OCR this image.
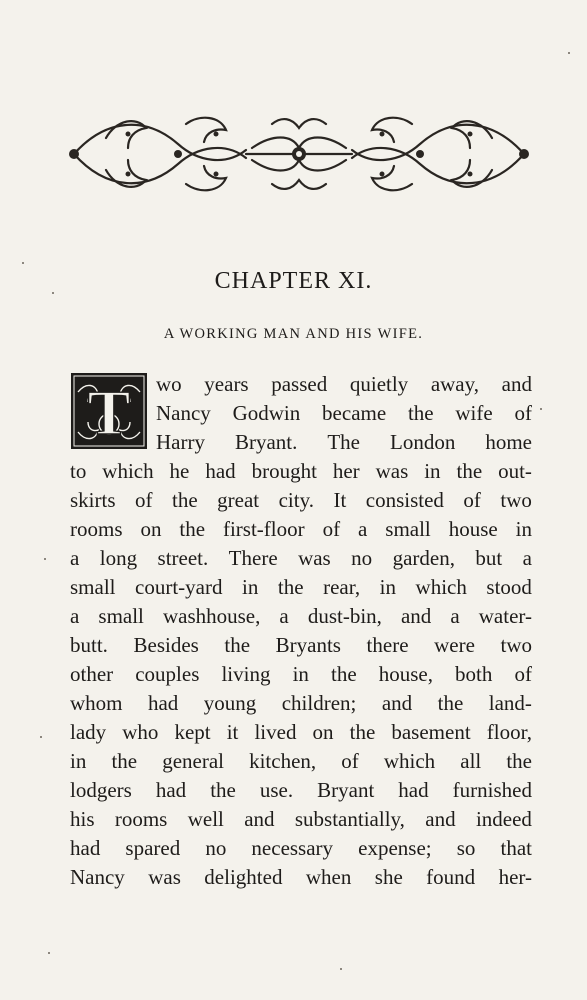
CHAPTER XI.
A WORKING MAN AND HIS WIFE.
T wo years passed quietly away, and
Nancy Godwin became the wife of
Harry Bryant. The London home
to which he had brought her was in the out-
skirts of the great city. It consisted of two
rooms on the first-floor of a small house in
a long street. There was no garden, but a
small court-yard in the rear, in which stood
a small washhouse, a dust-bin, and a water-
butt. Besides the Bryants there were two
other couples living in the house, both of
whom had young children; and the land-
lady who kept it lived on the basement floor,
in the general kitchen, of which all the
lodgers had the use. Bryant had furnished
his rooms well and substantially, and indeed
had spared no necessary expense; so that
Nancy was delighted when she found her-
